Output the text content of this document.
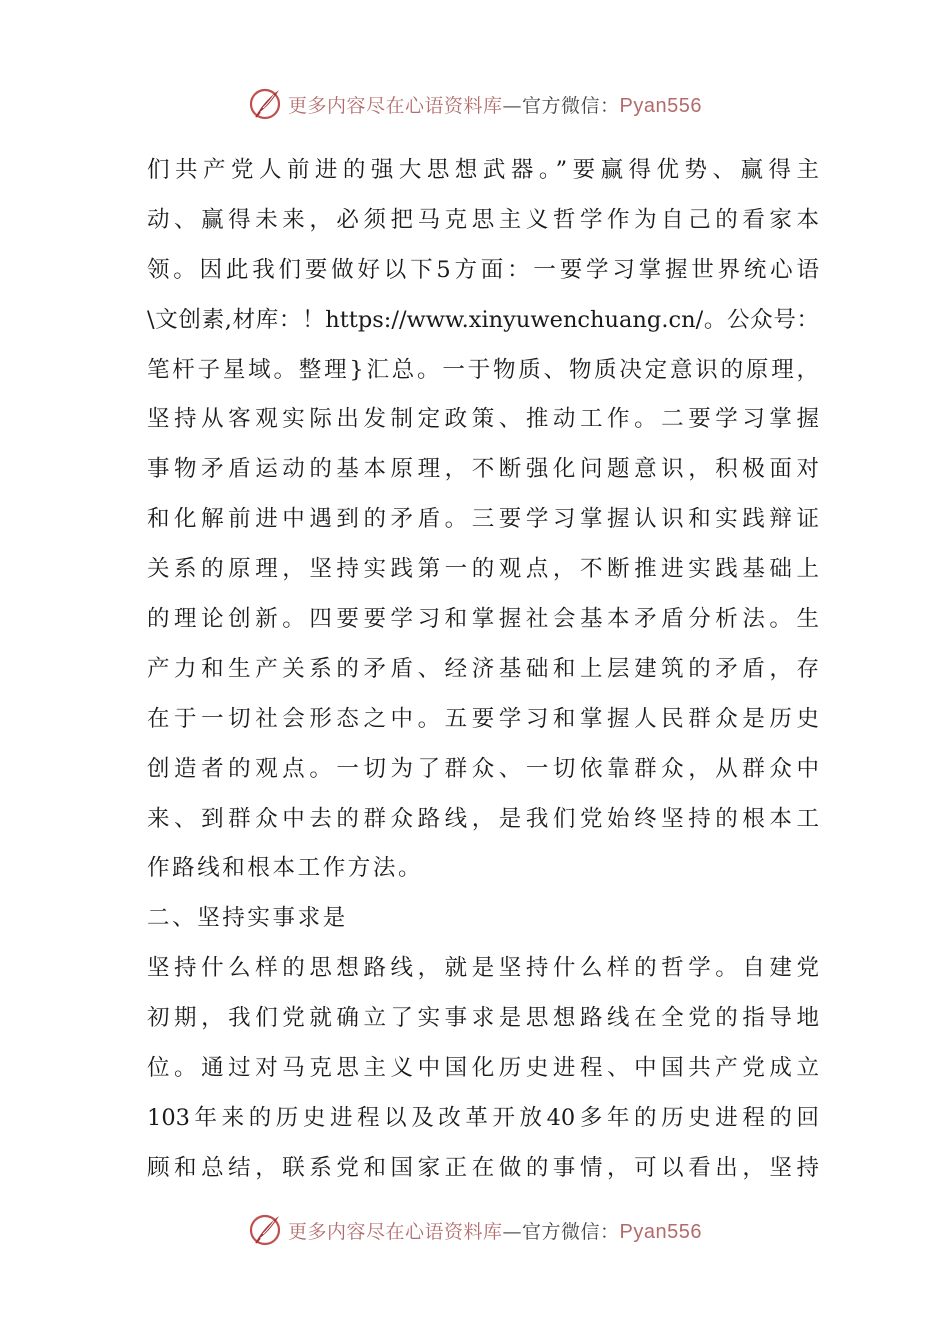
更多内容尽在心语资料库—官方微信：Pyan556
们共产党人前进的强大思想武器。”要赢得优势、赢得主
动、赢得未来，必须把马克思主义哲学作为自己的看家本
领。因此我们要做好以下5方面：一要学习掌握世界统心语
\文创素,材库：！https://www.xinyuwenchuang.cn/。公众号：
笔杆子星域。整理}汇总。一于物质、物质决定意识的原理，
坚持从客观实际出发制定政策、推动工作。二要学习掌握
事物矛盾运动的基本原理，不断强化问题意识，积极面对
和化解前进中遇到的矛盾。三要学习掌握认识和实践辩证
关系的原理，坚持实践第一的观点，不断推进实践基础上
的理论创新。四要要学习和掌握社会基本矛盾分析法。生
产力和生产关系的矛盾、经济基础和上层建筑的矛盾，存
在于一切社会形态之中。五要学习和掌握人民群众是历史
创造者的观点。一切为了群众、一切依靠群众，从群众中
来、到群众中去的群众路线，是我们党始终坚持的根本工
作路线和根本工作方法。
二、坚持实事求是
坚持什么样的思想路线，就是坚持什么样的哲学。自建党
初期，我们党就确立了实事求是思想路线在全党的指导地
位。通过对马克思主义中国化历史进程、中国共产党成立
103年来的历史进程以及改革开放40多年的历史进程的回
顾和总结，联系党和国家正在做的事情，可以看出，坚持
更多内容尽在心语资料库—官方微信：Pyan556
